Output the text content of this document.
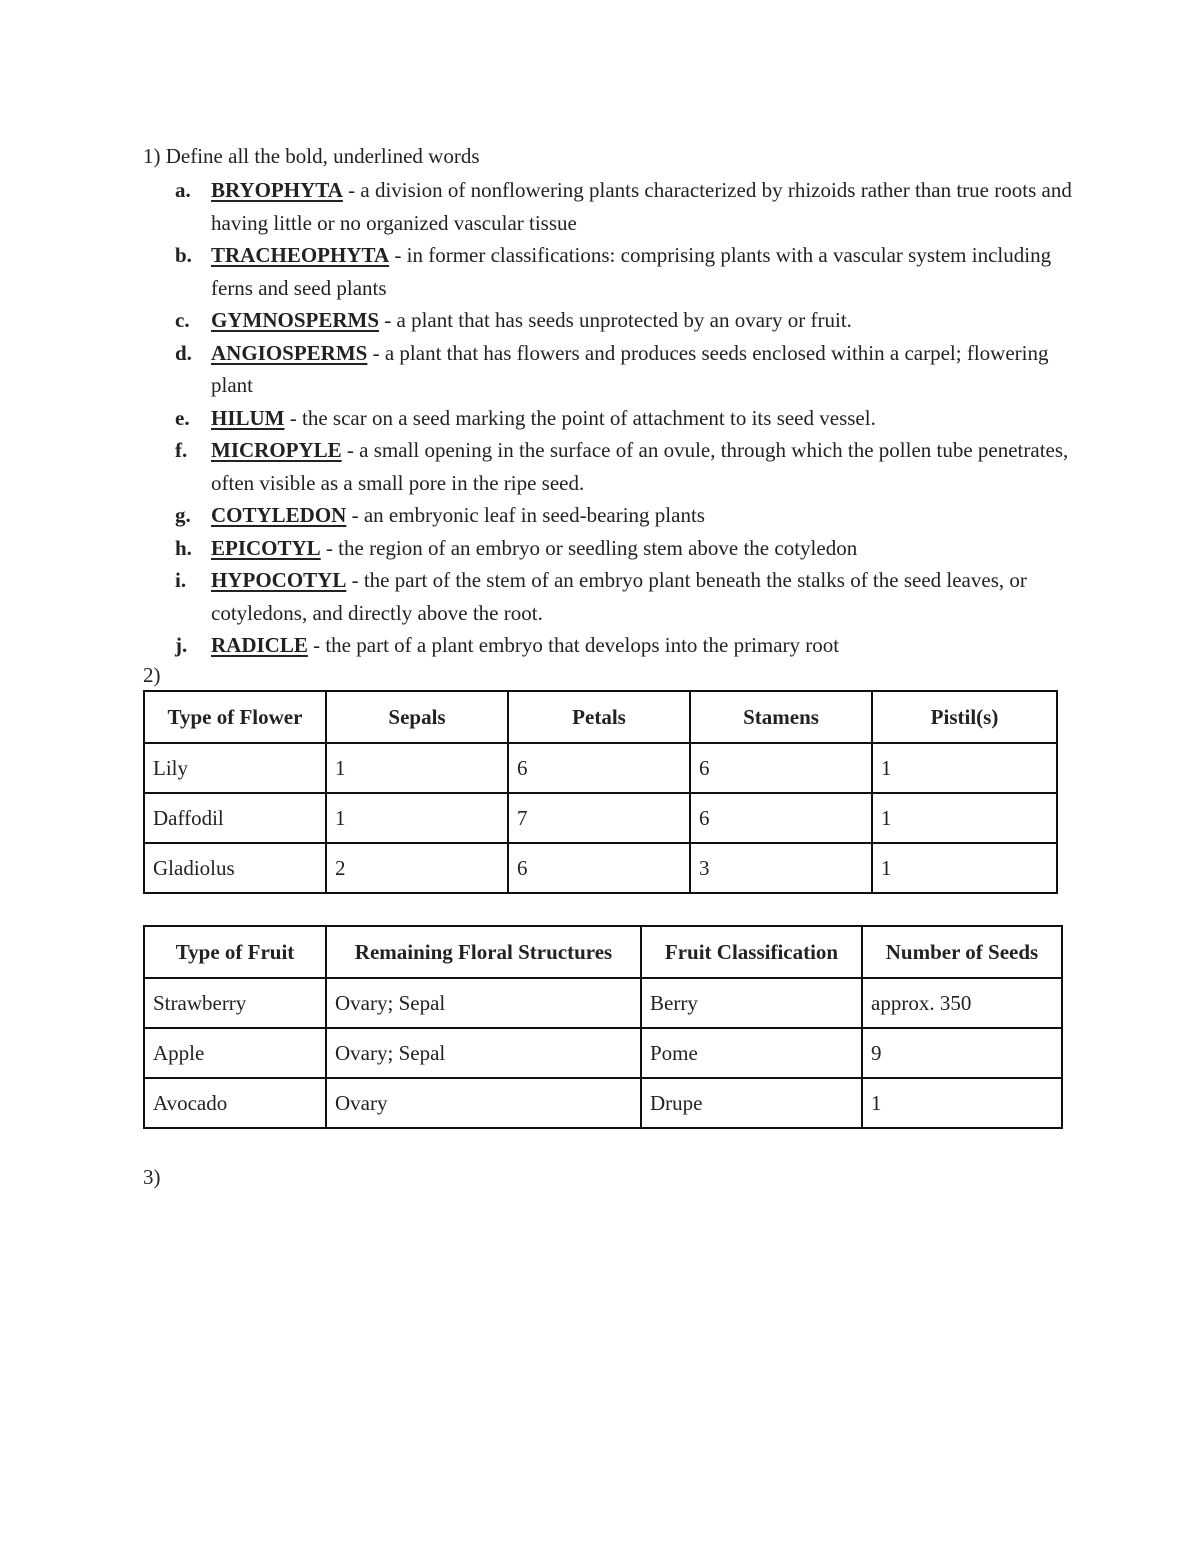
1) Define all the bold, underlined words
a. BRYOPHYTA - a division of nonflowering plants characterized by rhizoids rather than true roots and having little or no organized vascular tissue
b. TRACHEOPHYTA - in former classifications: comprising plants with a vascular system including ferns and seed plants
c. GYMNOSPERMS - a plant that has seeds unprotected by an ovary or fruit.
d. ANGIOSPERMS - a plant that has flowers and produces seeds enclosed within a carpel; flowering plant
e. HILUM - the scar on a seed marking the point of attachment to its seed vessel.
f. MICROPYLE - a small opening in the surface of an ovule, through which the pollen tube penetrates, often visible as a small pore in the ripe seed.
g. COTYLEDON - an embryonic leaf in seed-bearing plants
h. EPICOTYL - the region of an embryo or seedling stem above the cotyledon
i. HYPOCOTYL - the part of the stem of an embryo plant beneath the stalks of the seed leaves, or cotyledons, and directly above the root.
j. RADICLE - the part of a plant embryo that develops into the primary root
2)
Type of Flower	Sepals	Petals	Stamens	Pistil(s)
Lily	1	6	6	1
Daffodil	1	7	6	1
Gladiolus	2	6	3	1
Type of Fruit	Remaining Floral Structures	Fruit Classification	Number of Seeds
Strawberry	Ovary; Sepal	Berry	approx. 350
Apple	Ovary; Sepal	Pome	9
Avocado	Ovary	Drupe	1
3)
